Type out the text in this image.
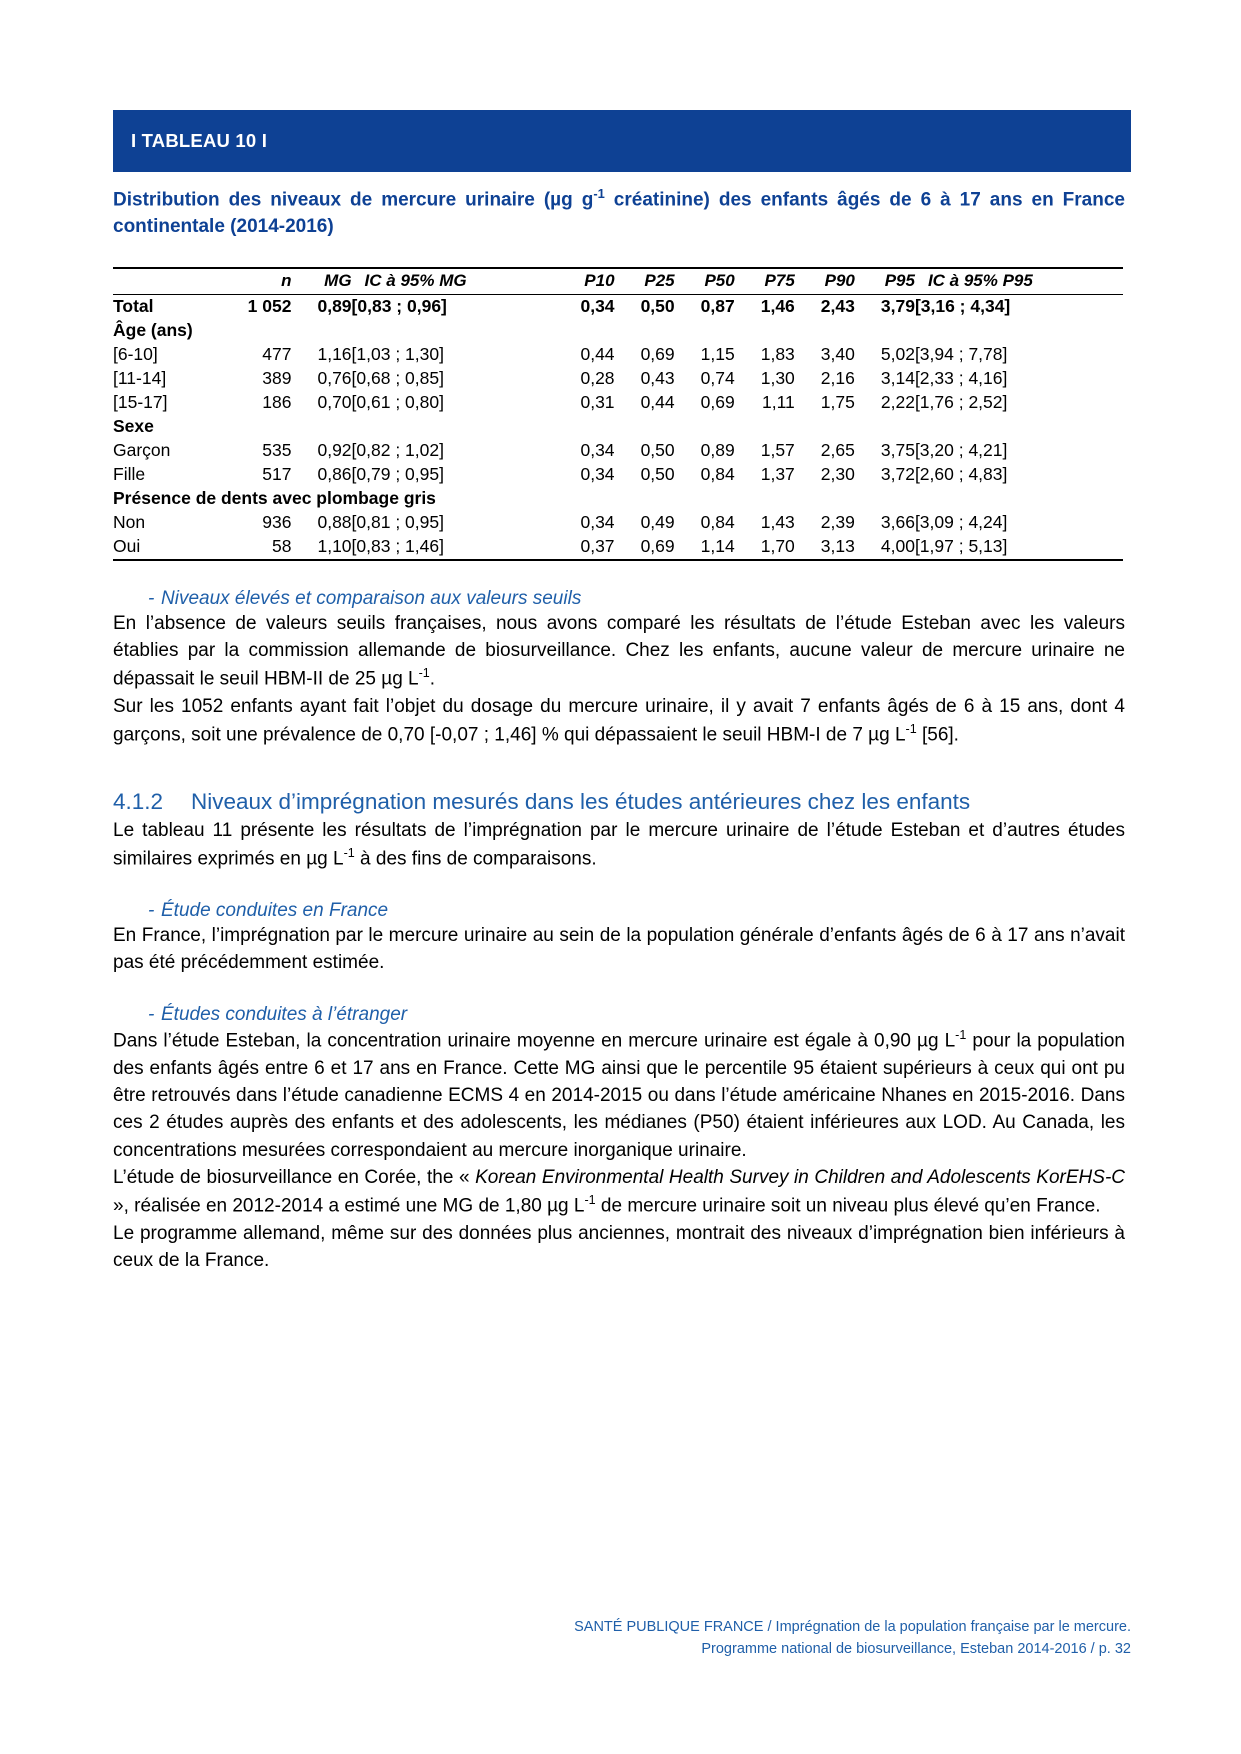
I TABLEAU 10 I
Distribution des niveaux de mercure urinaire (µg $g^{-1}$ créatinine) des enfants âgés de 6 à 17 ans en France continentale (2014-2016)
	n	MG	IC à 95% MG	P10	P25	P50	P75	P90	P95	IC à 95% P95
Total	1 052	0,89	[0,83 ; 0,96]	0,34	0,50	0,87	1,46	2,43	3,79	[3,16 ; 4,34]
Âge (ans)										
[6-10]	477	1,16	[1,03 ; 1,30]	0,44	0,69	1,15	1,83	3,40	5,02	[3,94 ; 7,78]
[11-14]	389	0,76	[0,68 ; 0,85]	0,28	0,43	0,74	1,30	2,16	3,14	[2,33 ; 4,16]
[15-17]	186	0,70	[0,61 ; 0,80]	0,31	0,44	0,69	1,11	1,75	2,22	[1,76 ; 2,52]
Sexe										
Garçon	535	0,92	[0,82 ; 1,02]	0,34	0,50	0,89	1,57	2,65	3,75	[3,20 ; 4,21]
Fille	517	0,86	[0,79 ; 0,95]	0,34	0,50	0,84	1,37	2,30	3,72	[2,60 ; 4,83]
Présence de dents avec plombage gris										
Non	936	0,88	[0,81 ; 0,95]	0,34	0,49	0,84	1,43	2,39	3,66	[3,09 ; 4,24]
Oui	58	1,10	[0,83 ; 1,46]	0,37	0,69	1,14	1,70	3,13	4,00	[1,97 ; 5,13]
- Niveaux élevés et comparaison aux valeurs seuils

En l’absence de valeurs seuils françaises, nous avons comparé les résultats de l’étude Esteban avec les valeurs établies par la commission allemande de biosurveillance. Chez les enfants, aucune valeur de mercure urinaire ne dépassait le seuil HBM-II de 25 µg $L^{-1}$.

Sur les 1052 enfants ayant fait l’objet du dosage du mercure urinaire, il y avait 7 enfants âgés de 6 à 15 ans, dont 4 garçons, soit une prévalence de 0,70 [-0,07 ; 1,46] % qui dépassaient le seuil HBM-I de 7 µg $L^{-1}$ [56].

4.1.2	Niveaux d’imprégnation mesurés dans les études antérieures chez les enfants

Le tableau 11 présente les résultats de l’imprégnation par le mercure urinaire de l’étude Esteban et d’autres études similaires exprimés en µg $L^{-1}$ à des fins de comparaisons.

- Étude conduites en France

En France, l’imprégnation par le mercure urinaire au sein de la population générale d’enfants âgés de 6 à 17 ans n’avait pas été précédemment estimée.

- Études conduites à l’étranger

Dans l’étude Esteban, la concentration urinaire moyenne en mercure urinaire est égale à 0,90 µg $L^{-1}$ pour la population des enfants âgés entre 6 et 17 ans en France. Cette MG ainsi que le percentile 95 étaient supérieurs à ceux qui ont pu être retrouvés dans l’étude canadienne ECMS 4 en 2014-2015 ou dans l’étude américaine Nhanes en 2015-2016. Dans ces 2 études auprès des enfants et des adolescents, les médianes (P50) étaient inférieures aux LOD. Au Canada, les concentrations mesurées correspondaient au mercure inorganique urinaire.

L’étude de biosurveillance en Corée, the « Korean Environmental Health Survey in Children and Adolescents KorEHS-C », réalisée en 2012-2014 a estimé une MG de 1,80 µg $L^{-1}$ de mercure urinaire soit un niveau plus élevé qu’en France.

Le programme allemand, même sur des données plus anciennes, montrait des niveaux d’imprégnation bien inférieurs à ceux de la France.

SANTÉ PUBLIQUE FRANCE / Imprégnation de la population française par le mercure.
Programme national de biosurveillance, Esteban 2014-2016 / p. 32
